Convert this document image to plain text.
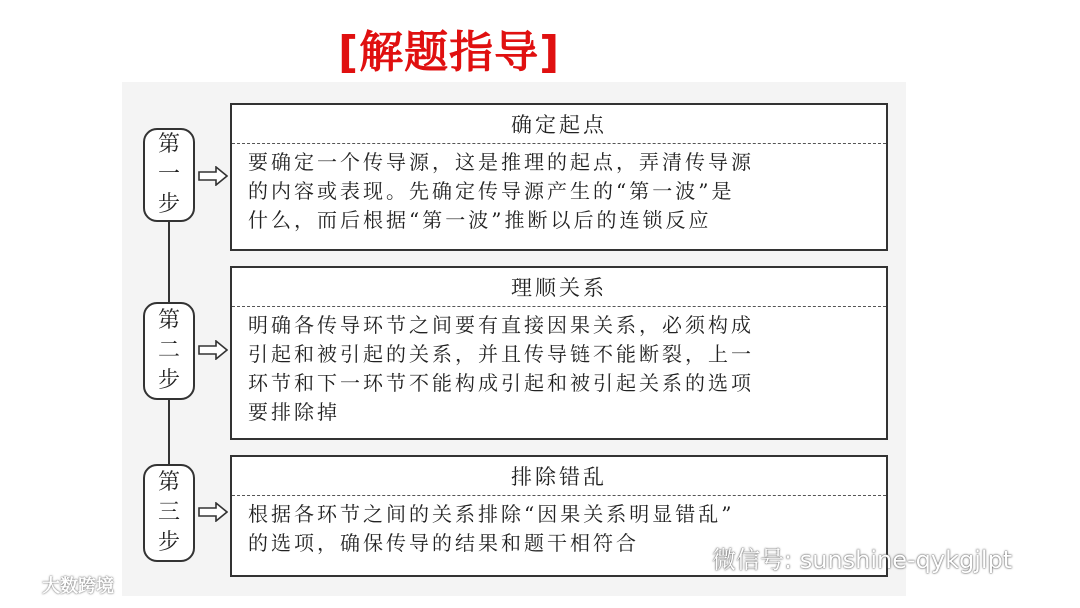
[解题指导]
第
一
步
确定起点
要确定一个传导源，这是推理的起点，弄清传导源
的内容或表现。先确定传导源产生的“第一波”是
什么，而后根据“第一波”推断以后的连锁反应
第
二
步
理顺关系
明确各传导环节之间要有直接因果关系，必须构成
引起和被引起的关系，并且传导链不能断裂，上一
环节和下一环节不能构成引起和被引起关系的选项
要排除掉
第
三
步
排除错乱
根据各环节之间的关系排除“因果关系明显错乱”
的选项，确保传导的结果和题干相符合
大数跨境
微信号: sunshine-qykgjlpt
